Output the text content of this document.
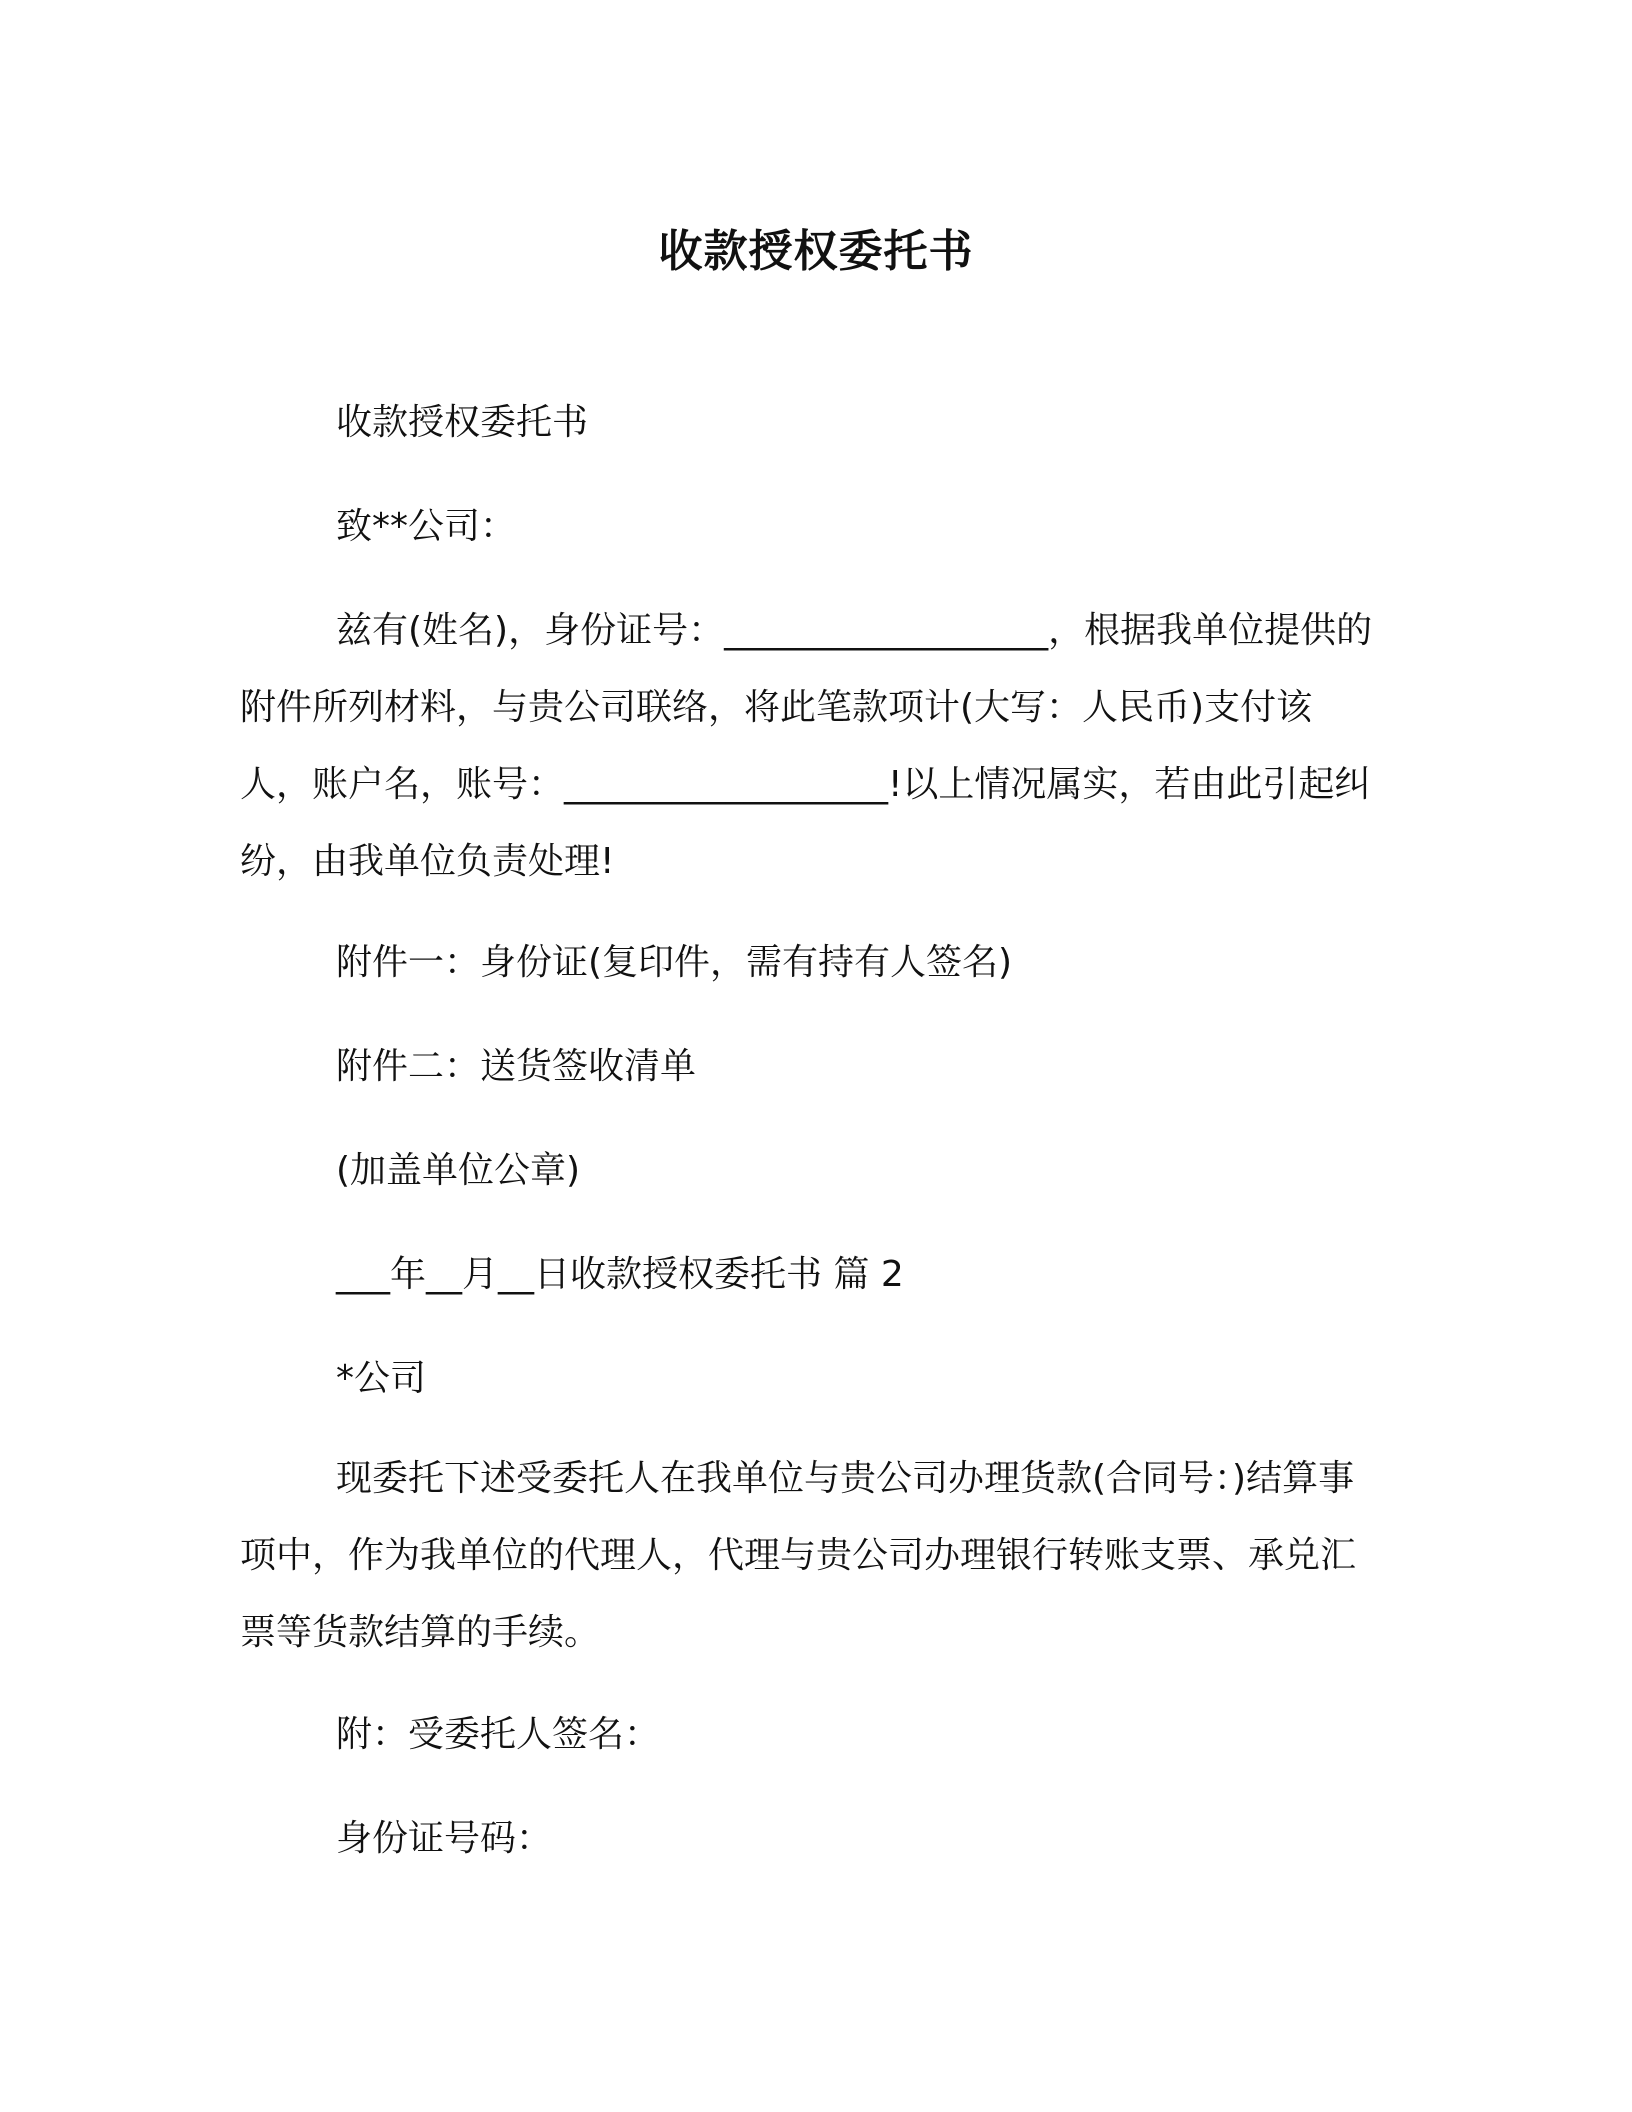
收款授权委托书
收款授权委托书
致**公司：

兹有(姓名)，身份证号：__________________，根据我单位提供的附件所列材料，与贵公司联络，将此笔款项计(大写：人民币)支付该人，账户名，账号：__________________!以上情况属实，若由此引起纠纷，由我单位负责处理!

附件一：身份证(复印件，需有持有人签名)
附件二：送货签收清单
(加盖单位公章)
___年__月__日收款授权委托书 篇 2
*公司

现委托下述受委托人在我单位与贵公司办理货款(合同号：)结算事项中，作为我单位的代理人，代理与贵公司办理银行转账支票、承兑汇票等货款结算的手续。

附：受委托人签名：
身份证号码：
